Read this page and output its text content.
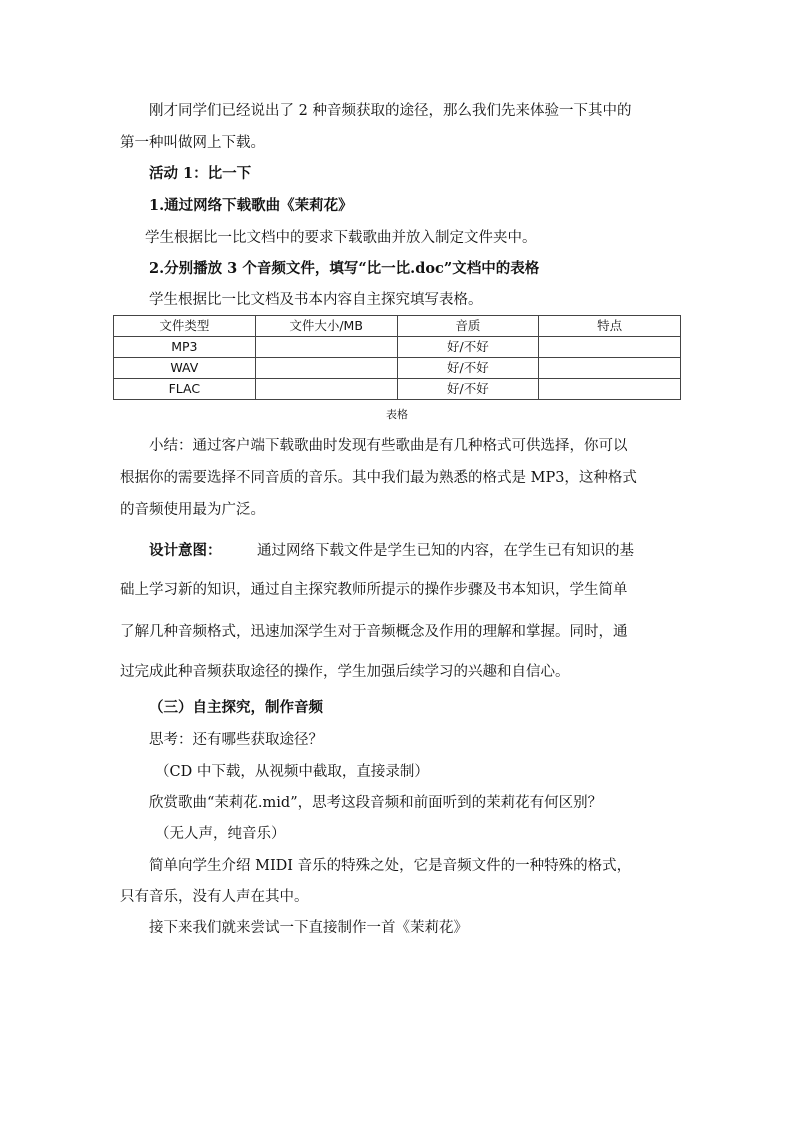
刚才同学们已经说出了 2 种音频获取的途径，那么我们先来体验一下其中的
第一种叫做网上下载。
活动 1：比一下
1.通过网络下载歌曲《茉莉花》
学生根据比一比文档中的要求下载歌曲并放入制定文件夹中。
2.分别播放 3 个音频文件，填写“比一比.doc”文档中的表格
学生根据比一比文档及书本内容自主探究填写表格。
文件类型	文件大小/MB	音质	特点
MP3		好/不好	
WAV		好/不好	
FLAC		好/不好	
表格
小结：通过客户端下载歌曲时发现有些歌曲是有几种格式可供选择，你可以
根据你的需要选择不同音质的音乐。其中我们最为熟悉的格式是 MP3，这种格式
的音频使用最为广泛。
设计意图： 通过网络下载文件是学生已知的内容，在学生已有知识的基
础上学习新的知识，通过自主探究教师所提示的操作步骤及书本知识，学生简单
了解几种音频格式，迅速加深学生对于音频概念及作用的理解和掌握。同时，通
过完成此种音频获取途径的操作，学生加强后续学习的兴趣和自信心。
（三）自主探究，制作音频
思考：还有哪些获取途径？
（CD 中下载，从视频中截取，直接录制）
欣赏歌曲“茉莉花.mid”，思考这段音频和前面听到的茉莉花有何区别？
（无人声，纯音乐）
简单向学生介绍 MIDI 音乐的特殊之处，它是音频文件的一种特殊的格式，
只有音乐，没有人声在其中。
接下来我们就来尝试一下直接制作一首《茉莉花》
